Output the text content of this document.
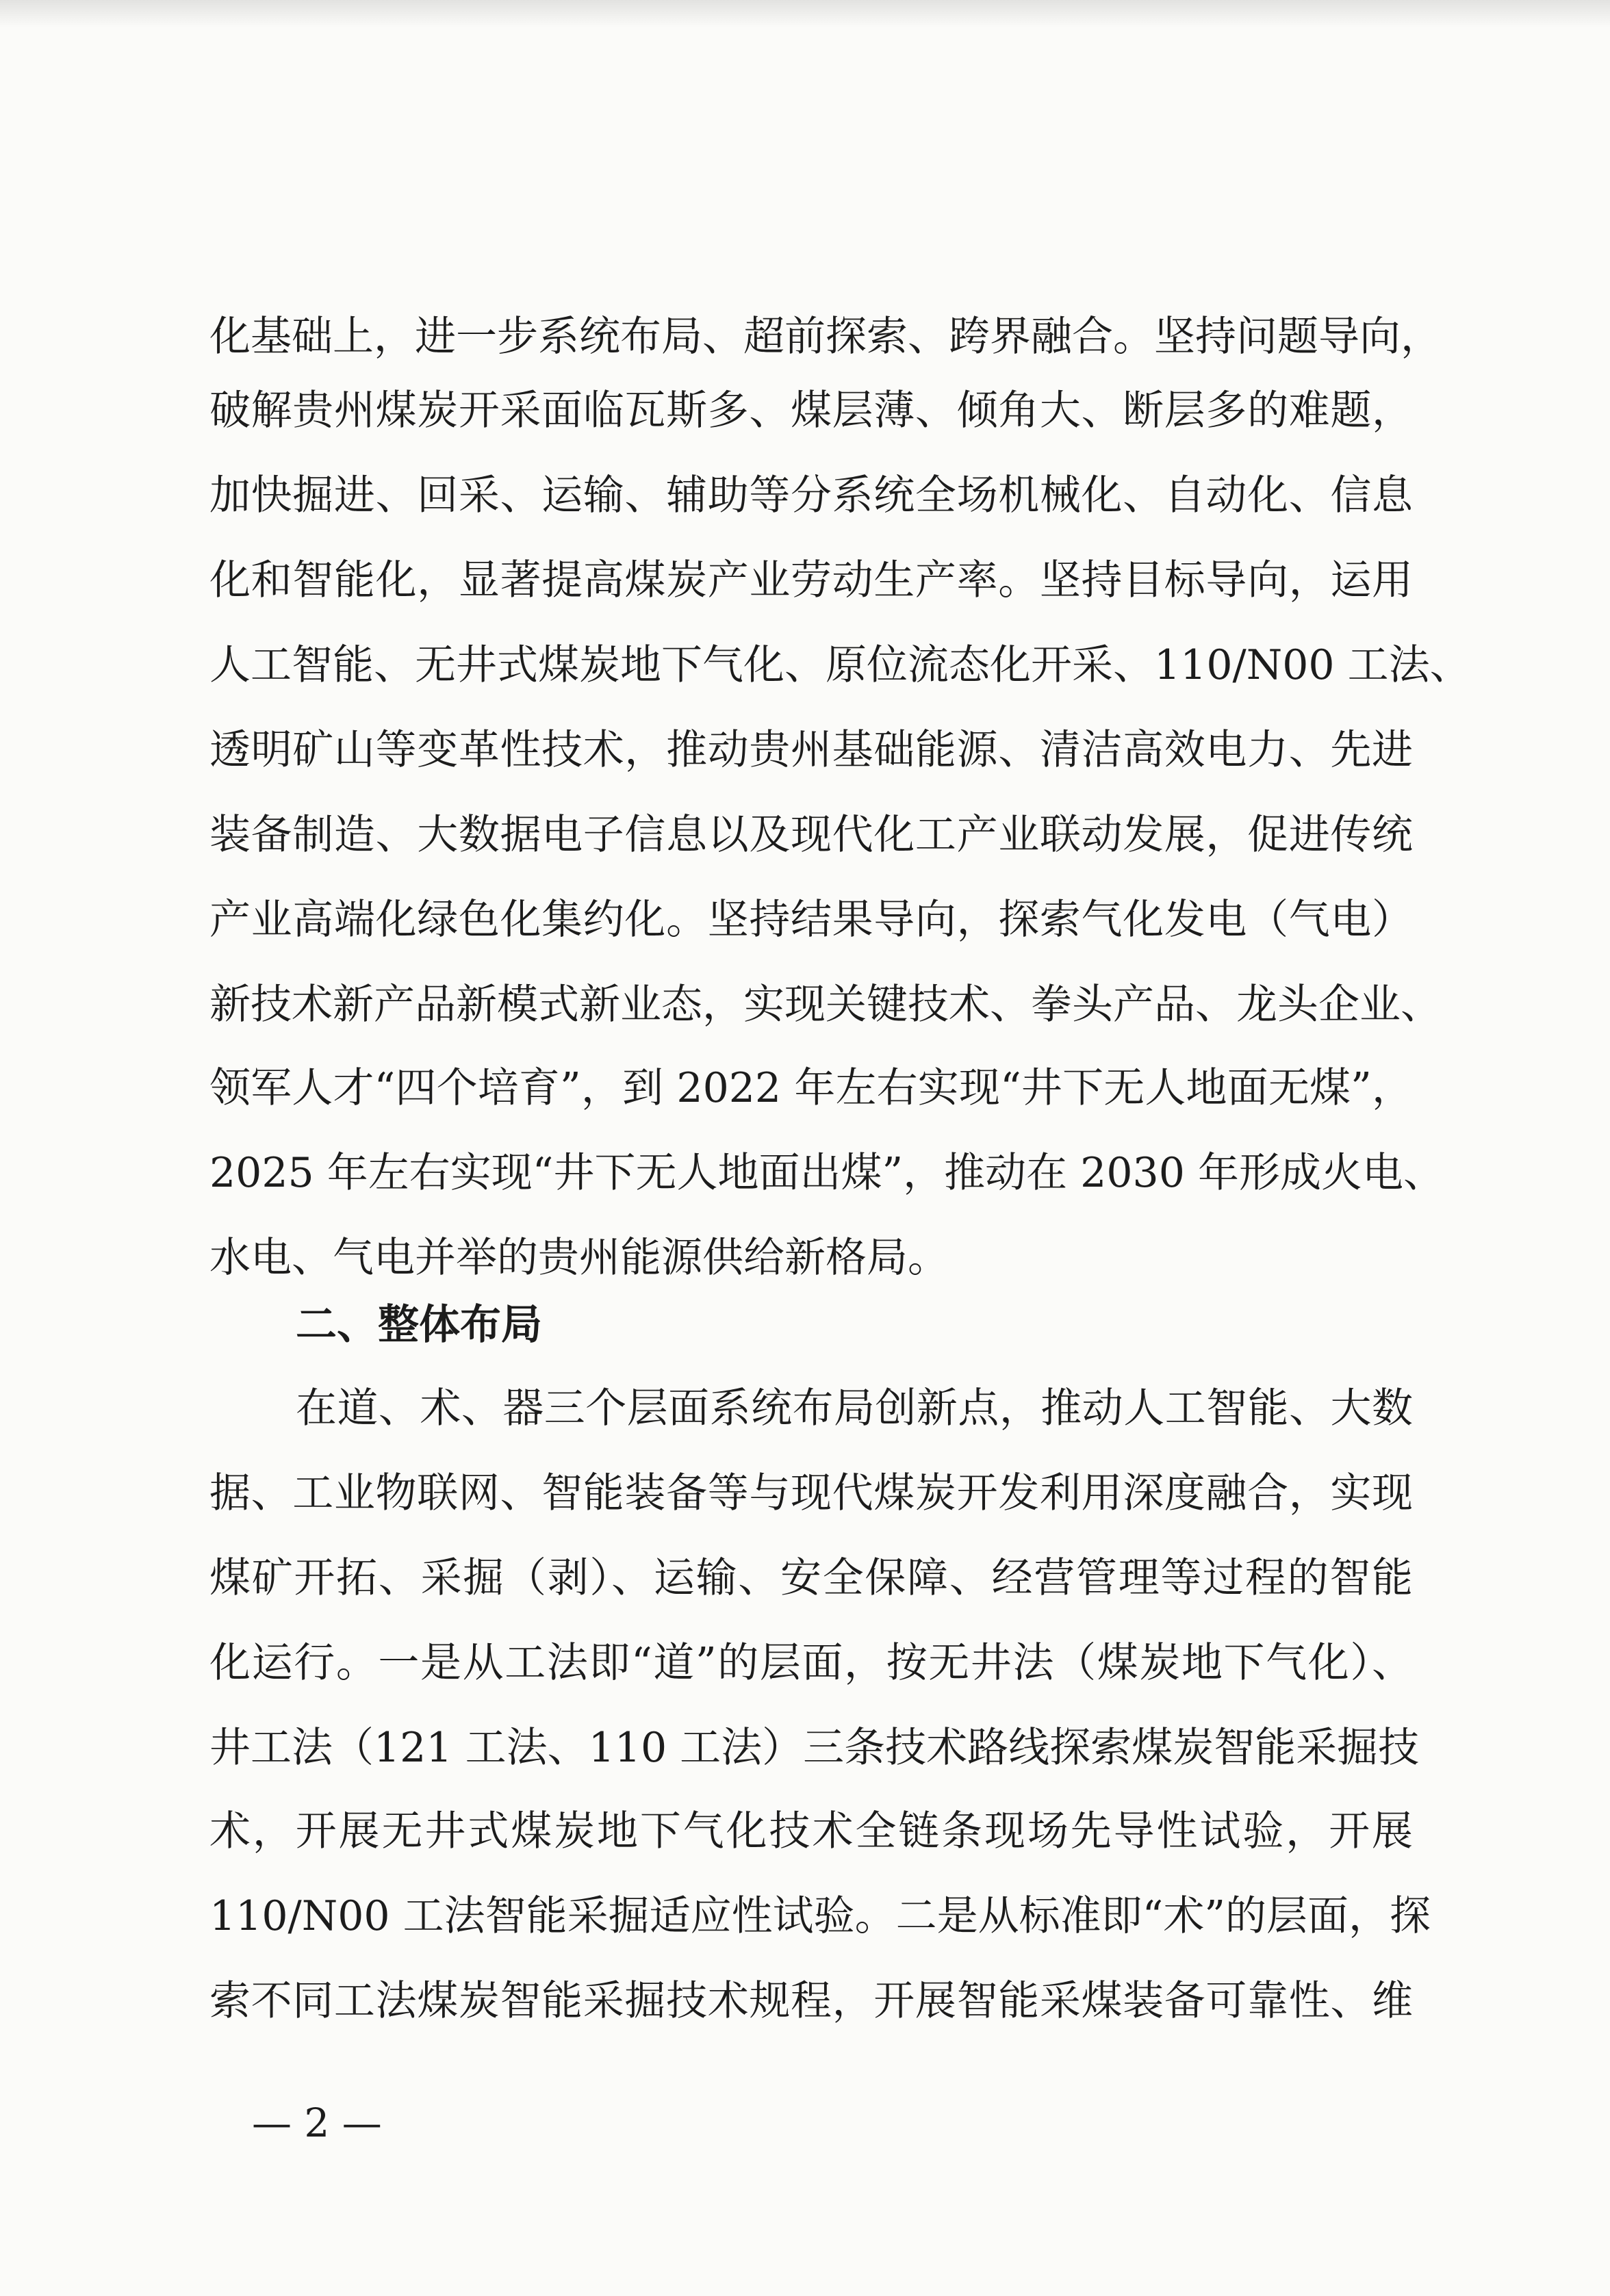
化基础上，进一步系统布局、超前探索、跨界融合。坚持问题导向，
破解贵州煤炭开采面临瓦斯多、煤层薄、倾角大、断层多的难题，
加快掘进、回采、运输、辅助等分系统全场机械化、自动化、信息
化和智能化，显著提高煤炭产业劳动生产率。坚持目标导向，运用
人工智能、无井式煤炭地下气化、原位流态化开采、110/N00 工法、
透明矿山等变革性技术，推动贵州基础能源、清洁高效电力、先进
装备制造、大数据电子信息以及现代化工产业联动发展，促进传统
产业高端化绿色化集约化。坚持结果导向，探索气化发电（气电）
新技术新产品新模式新业态，实现关键技术、拳头产品、龙头企业、
领军人才“四个培育”，到 2022 年左右实现“井下无人地面无煤”，
2025 年左右实现“井下无人地面出煤”，推动在 2030 年形成火电、
水电、气电并举的贵州能源供给新格局。
二、整体布局
在道、术、器三个层面系统布局创新点，推动人工智能、大数
据、工业物联网、智能装备等与现代煤炭开发利用深度融合，实现
煤矿开拓、采掘（剥）、运输、安全保障、经营管理等过程的智能
化运行。一是从工法即“道”的层面，按无井法（煤炭地下气化）、
井工法（121 工法、110 工法）三条技术路线探索煤炭智能采掘技
术，开展无井式煤炭地下气化技术全链条现场先导性试验，开展
110/N00 工法智能采掘适应性试验。二是从标准即“术”的层面，探
索不同工法煤炭智能采掘技术规程，开展智能采煤装备可靠性、维
— 2 —
